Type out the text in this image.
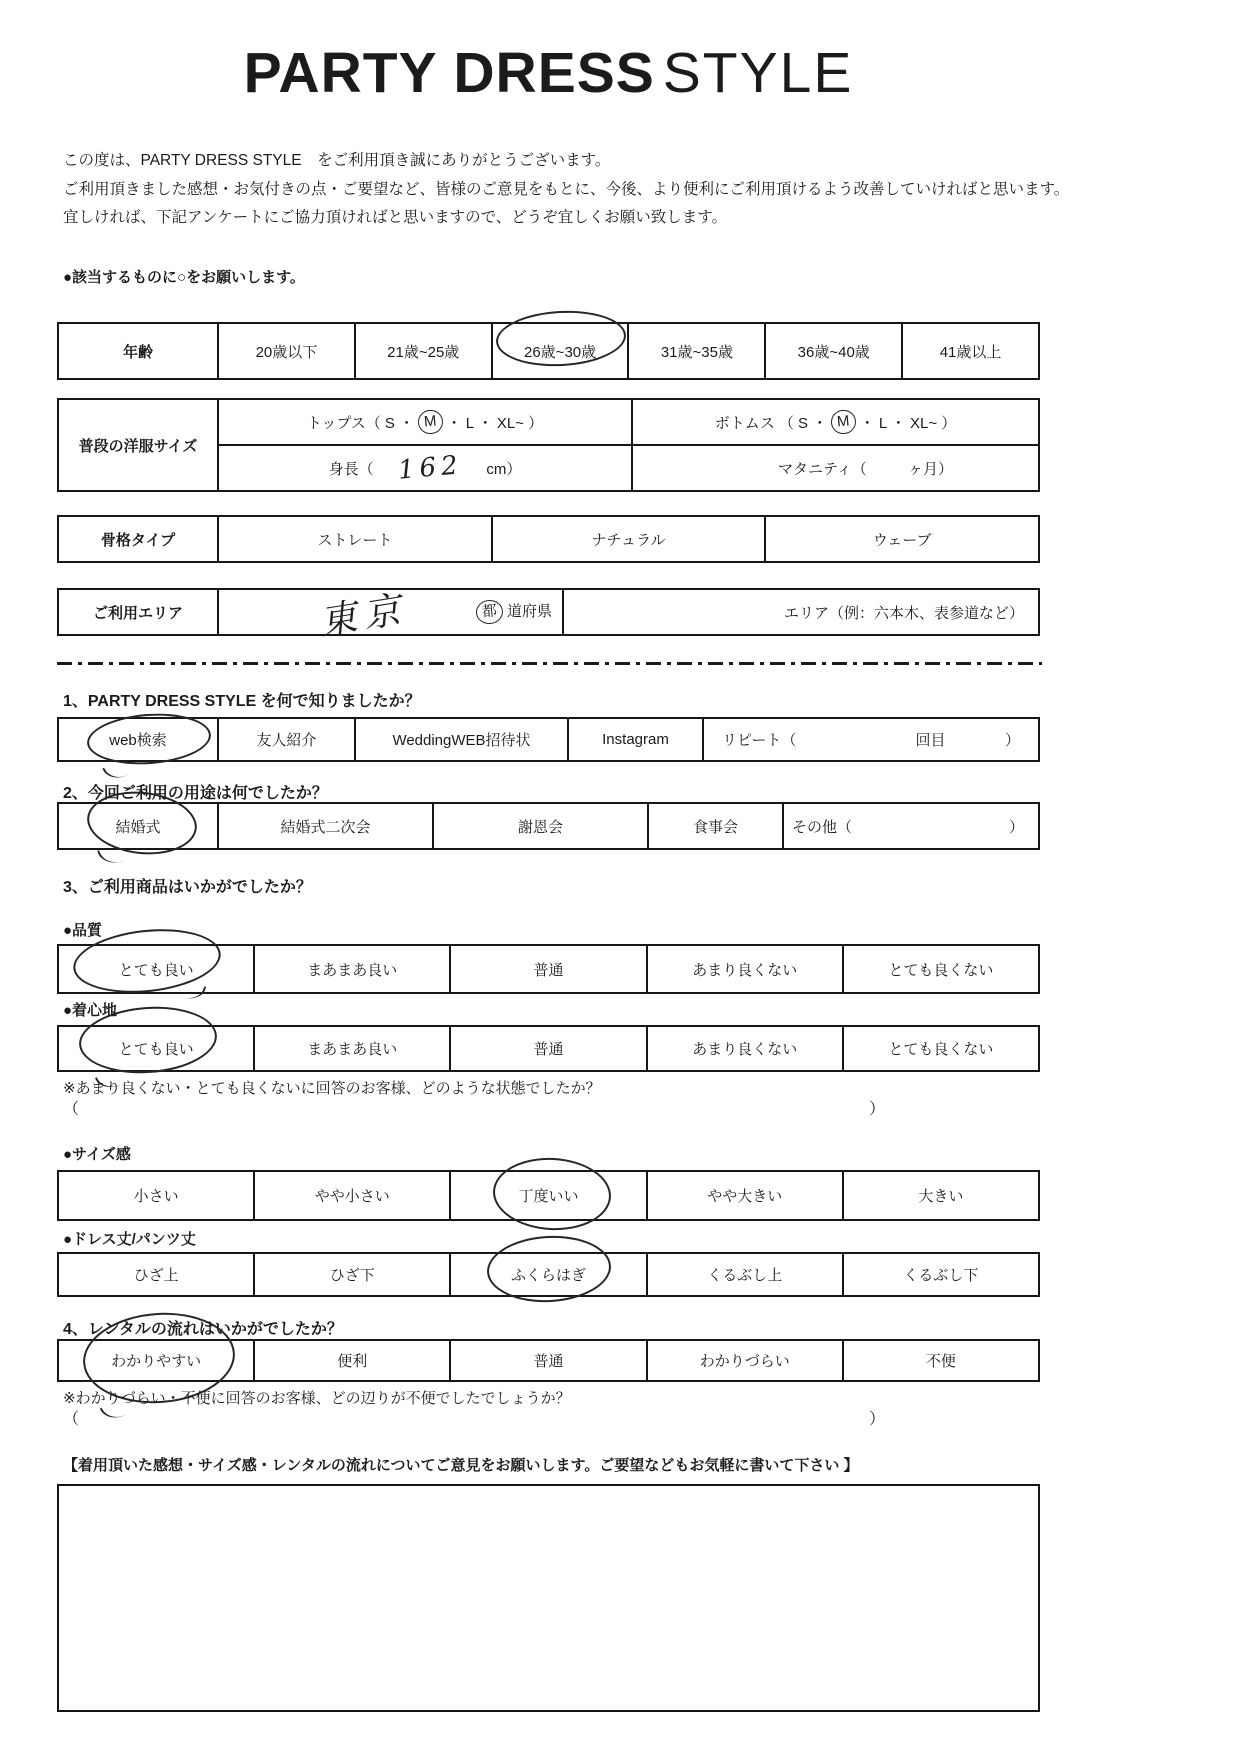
PARTY DRESS STYLE
この度は、PARTY DRESS STYLE　をご利用頂き誠にありがとうございます。
ご利用頂きました感想・お気付きの点・ご要望など、皆様のご意見をもとに、今後、より便利にご利用頂けるよう改善していければと思います。
宜しければ、下記アンケートにご協力頂ければと思いますので、どうぞ宜しくお願い致します。
●該当するものに○をお願いします。
年齢	20歳以下	21歳~25歳	26歳~30歳	31歳~35歳	36歳~40歳	41歳以上
普段の洋服サイズ
トップス（ S ・ M ・ L ・ XL~ ）	ボトムス （ S ・ M ・ L ・ XL~ ）
身長（ 162 cm）	マタニティ（	ヶ月）
骨格タイプ	ストレート	ナチュラル	ウェーブ
ご利用エリア	東京	都 道府県	エリア（例：六本木、表参道など）
1、PARTY DRESS STYLE を何で知りましたか？
web検索	友人紹介	WeddingWEB招待状	Instagram	リピート（	回目	）
2、今回ご利用の用途は何でしたか？
結婚式	結婚式二次会	謝恩会	食事会	その他（	）
3、ご利用商品はいかがでしたか？
●品質
とても良い	まあまあ良い	普通	あまり良くない	とても良くない
●着心地
とても良い	まあまあ良い	普通	あまり良くない	とても良くない
※あまり良くない・とても良くないに回答のお客様、どのような状態でしたか？
（	）
●サイズ感
小さい	やや小さい	丁度いい	やや大きい	大きい
●ドレス丈/パンツ丈
ひざ上	ひざ下	ふくらはぎ	くるぶし上	くるぶし下
4、レンタルの流れはいかがでしたか？
わかりやすい	便利	普通	わかりづらい	不便
※わかりづらい・不便に回答のお客様、どの辺りが不便でしたでしょうか？
（	）
【着用頂いた感想・サイズ感・レンタルの流れについてご意見をお願いします。ご要望などもお気軽に書いて下さい 】
